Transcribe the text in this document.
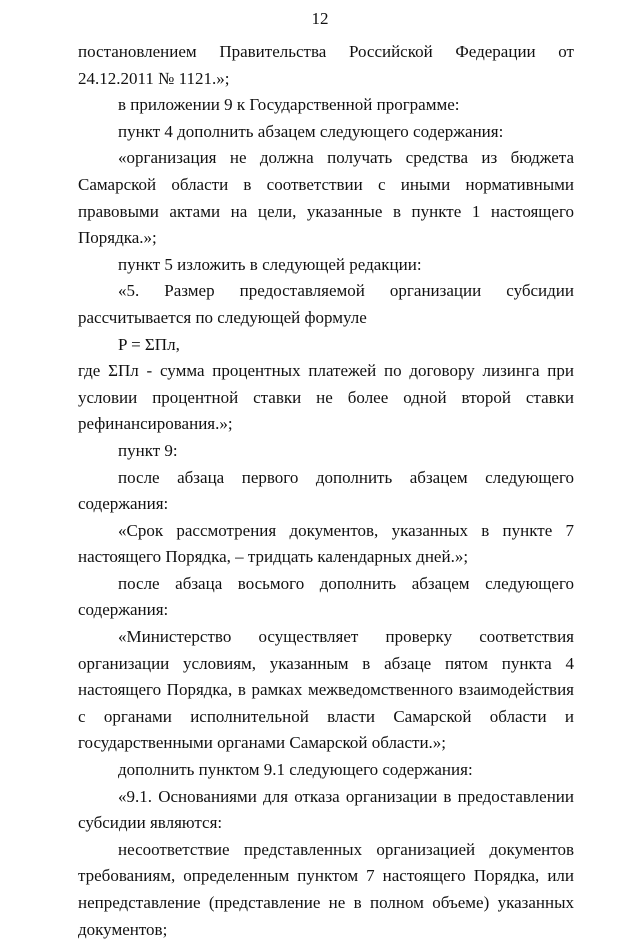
12

постановлением Правительства Российской Федерации от 24.12.2011 № 1121.»;

в приложении 9 к Государственной программе:

пункт 4 дополнить абзацем следующего содержания:

«организация не должна получать средства из бюджета Самарской области в соответствии с иными нормативными правовыми актами на цели, указанные в пункте 1 настоящего Порядка.»;

пункт 5 изложить в следующей редакции:

«5. Размер предоставляемой организации субсидии рассчитывается по следующей формуле

P = ΣПл,

где ΣПл - сумма процентных платежей по договору лизинга при условии процентной ставки не более одной второй ставки рефинансирования.»;

пункт 9:

после абзаца первого дополнить абзацем следующего содержания:

«Срок рассмотрения документов, указанных в пункте 7 настоящего Порядка, – тридцать календарных дней.»;

после абзаца восьмого дополнить абзацем следующего содержания:

«Министерство осуществляет проверку соответствия организации условиям, указанным в абзаце пятом пункта 4 настоящего Порядка, в рамках межведомственного взаимодействия с органами исполнительной власти Самарской области и государственными органами Самарской области.»;

дополнить пунктом 9.1 следующего содержания:

«9.1. Основаниями для отказа организации в предоставлении субсидии являются:

несоответствие представленных организацией документов требованиям, определенным пунктом 7 настоящего Порядка, или непредставление (представление не в полном объеме) указанных документов;
